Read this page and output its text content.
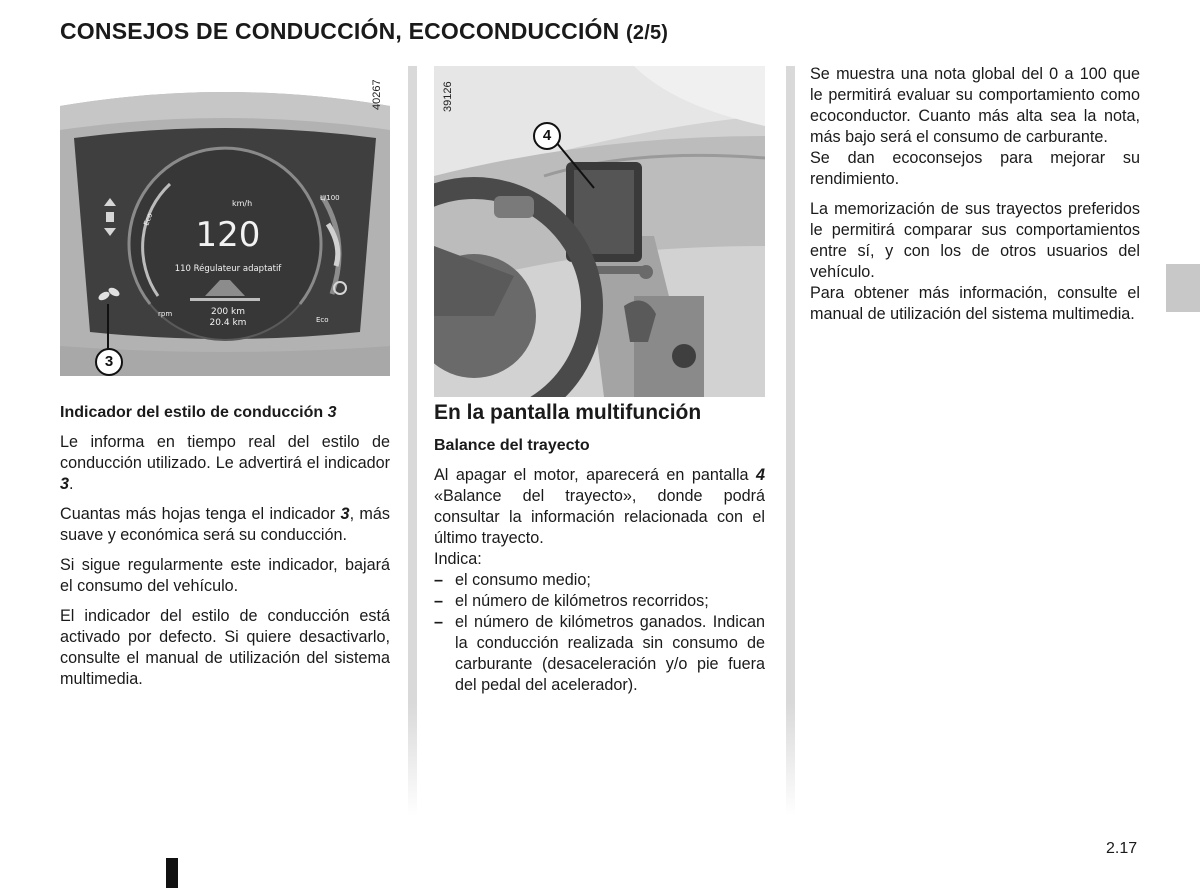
CONSEJOS DE CONDUCCIÓN, ECOCONDUCCIÓN (2/5)
km/h
120
110 Régulateur adaptatif
200 km
20.4 km
Eco
Eco
rpm
L/100
40267
3
39126
4

Indicador del estilo de conducción 3

Le informa en tiempo real del estilo de conducción utilizado. Le advertirá el indicador 3.

Cuantas más hojas tenga el indicador 3, más suave y económica será su conducción.

Si sigue regularmente este indicador, bajará el consumo del vehículo.

El indicador del estilo de conducción está activado por defecto. Si quiere desactivarlo, consulte el manual de utilización del sistema multimedia.

En la pantalla multifunción

Balance del trayecto

Al apagar el motor, aparecerá en pantalla 4 «Balance del trayecto», donde podrá consultar la información relacionada con el último trayecto.

Indica:

– el consumo medio;
– el número de kilómetros recorridos;
– el número de kilómetros ganados. Indican la conducción realizada sin consumo de carburante (desaceleración y/o pie fuera del pedal del acelerador).

Se muestra una nota global del 0 a 100 que le permitirá evaluar su comportamiento como ecoconductor. Cuanto más alta sea la nota, más bajo será el consumo de carburante.

Se dan ecoconsejos para mejorar su rendimiento.

La memorización de sus trayectos preferidos le permitirá comparar sus comportamientos entre sí, y con los de otros usuarios del vehículo.

Para obtener más información, consulte el manual de utilización del sistema multimedia.

2.17
